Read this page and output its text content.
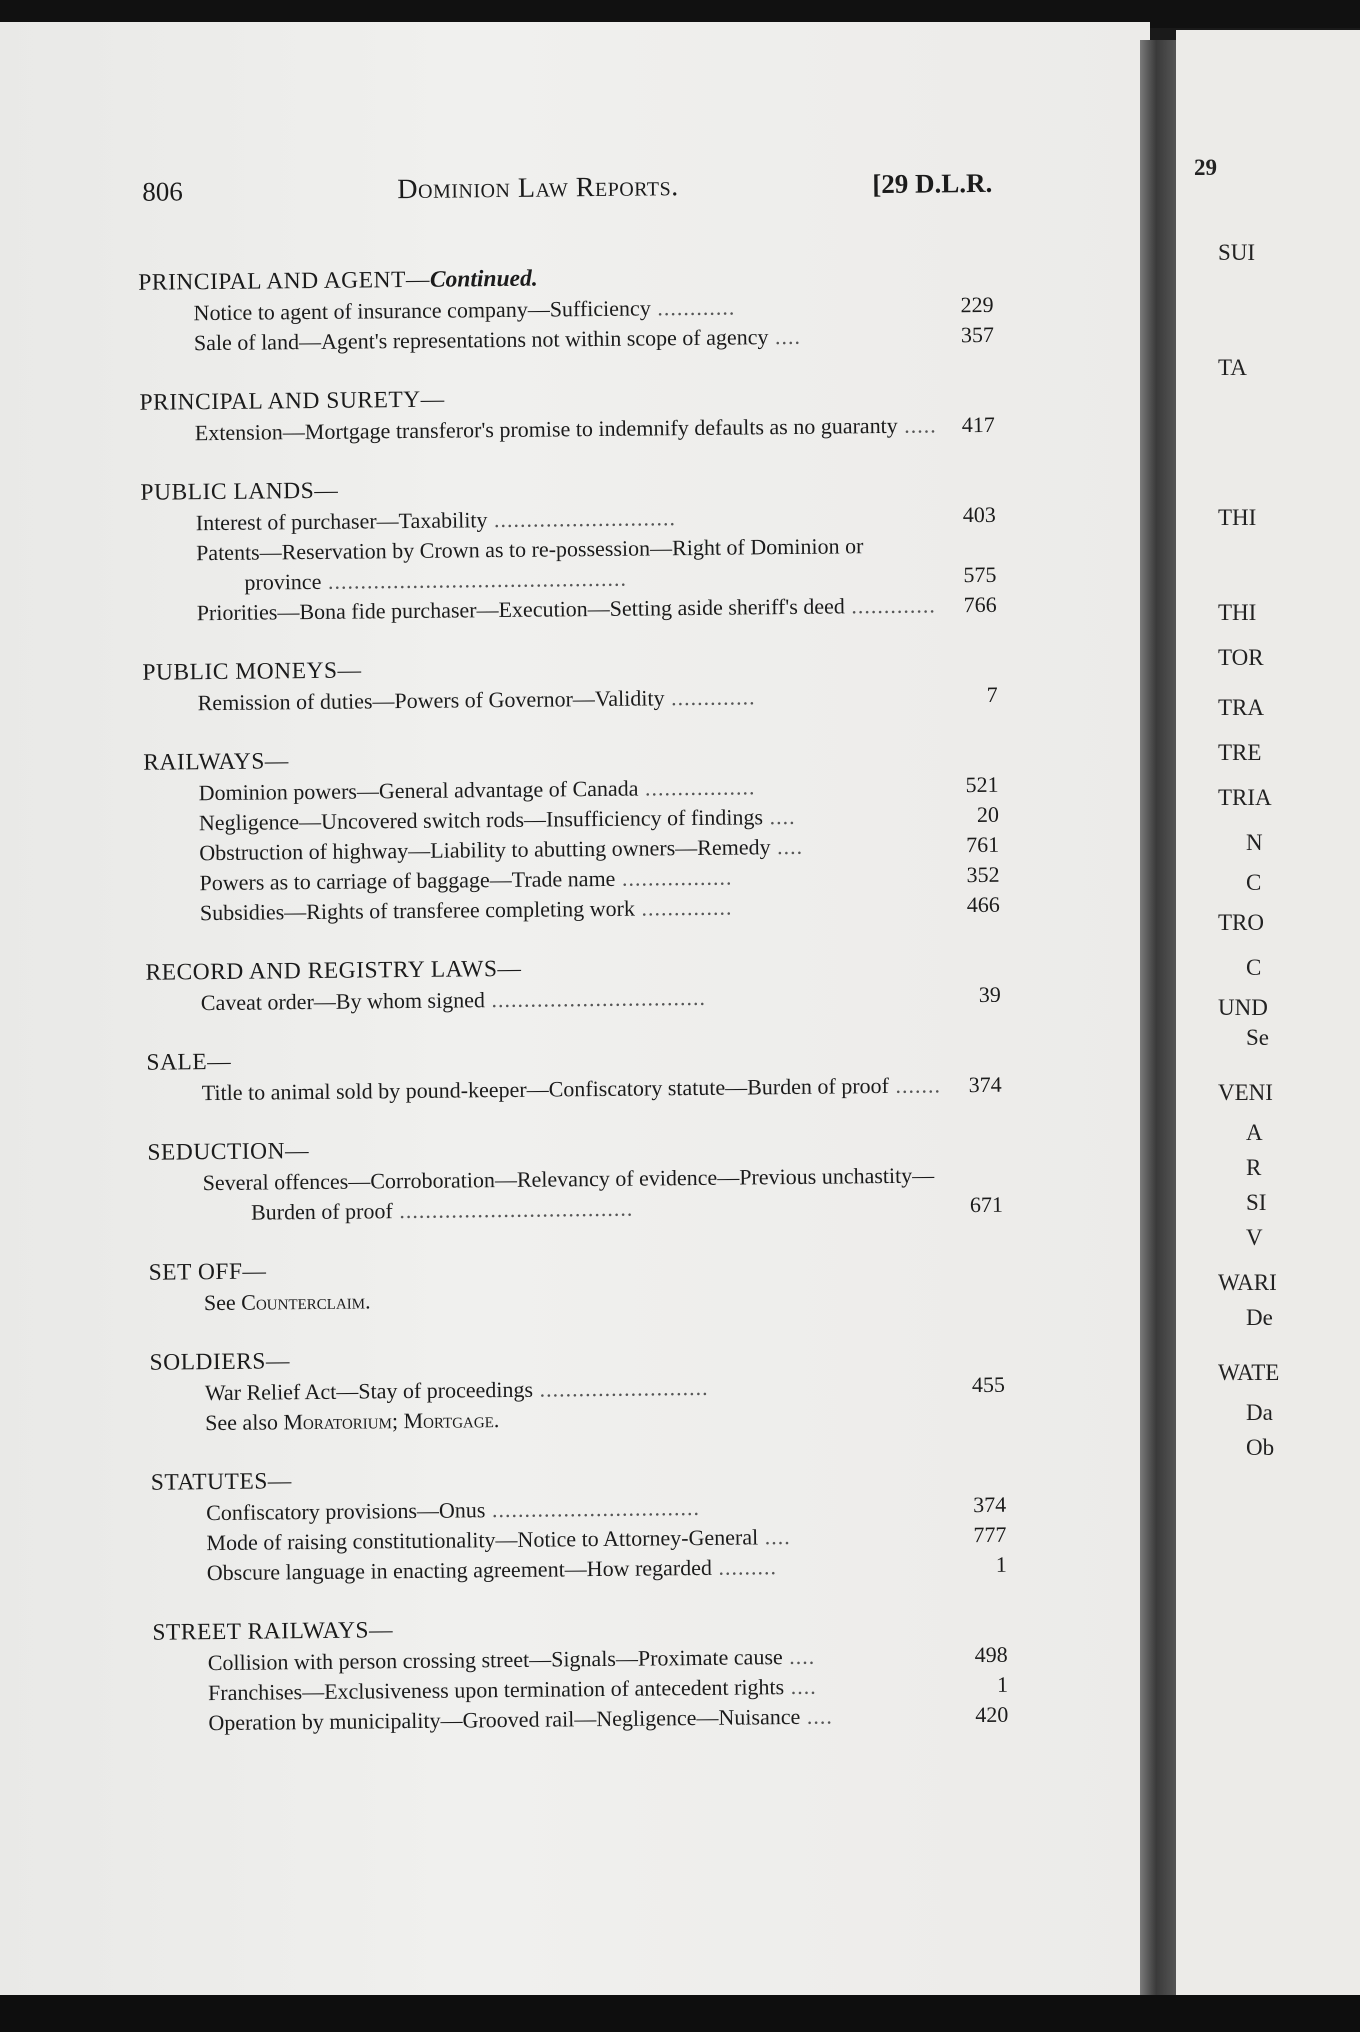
806	Dominion Law Reports.	[29 D.L.R.
PRINCIPAL AND AGENT—Continued.
Notice to agent of insurance company—Sufficiency ............	229
Sale of land—Agent's representations not within scope of agency ....	357
PRINCIPAL AND SURETY—
Extension—Mortgage transferor's promise to indemnify defaults as no guaranty .....	417
PUBLIC LANDS—
Interest of purchaser—Taxability ............................	403
Patents—Reservation by Crown as to re-possession—Right of Dominion or province ..............................................	575
Priorities—Bona fide purchaser—Execution—Setting aside sheriff's deed .............	766
PUBLIC MONEYS—
Remission of duties—Powers of Governor—Validity .............	7
RAILWAYS—
Dominion powers—General advantage of Canada .................	521
Negligence—Uncovered switch rods—Insufficiency of findings ....	20
Obstruction of highway—Liability to abutting owners—Remedy ....	761
Powers as to carriage of baggage—Trade name .................	352
Subsidies—Rights of transferee completing work ..............	466
RECORD AND REGISTRY LAWS—
Caveat order—By whom signed .................................	39
SALE—
Title to animal sold by pound-keeper—Confiscatory statute—Burden of proof .......	374
SEDUCTION—
Several offences—Corroboration—Relevancy of evidence—Previous unchastity—Burden of proof ....................................	671
SET OFF—
See Counterclaim.
SOLDIERS—
War Relief Act—Stay of proceedings ..........................	455
See also Moratorium; Mortgage.
STATUTES—
Confiscatory provisions—Onus ................................	374
Mode of raising constitutionality—Notice to Attorney-General ....	777
Obscure language in enacting agreement—How regarded .........	1
STREET RAILWAYS—
Collision with person crossing street—Signals—Proximate cause ....	498
Franchises—Exclusiveness upon termination of antecedent rights ....	1
Operation by municipality—Grooved rail—Negligence—Nuisance ....	420
29
SUI
TA
THI
THI
TOR
TRA
TRE
TRIA
N
C
TRO
C
UND
Se
VENI
A
R
SI
V
WARI
De
WATE
Da
Ob
